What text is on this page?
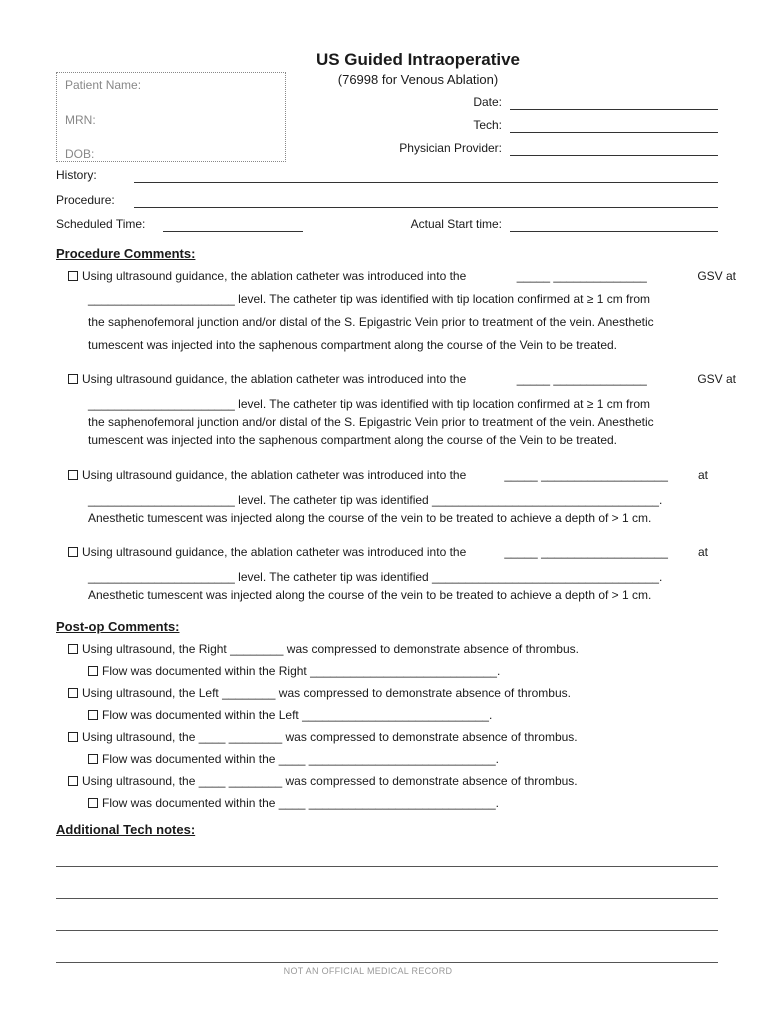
US Guided Intraoperative
(76998 for Venous Ablation)
Patient Name:
MRN:
DOB:
Date:
Tech:
Physician Provider:
History:
Procedure:
Scheduled Time:	Actual Start time:
Procedure Comments:
Using ultrasound guidance, the ablation catheter was introduced into the	_____ ______________	GSV at
______________________ level. The catheter tip was identified with tip location confirmed at ≥ 1 cm from
the saphenofemoral junction and/or distal of the S. Epigastric Vein prior to treatment of the vein. Anesthetic
tumescent was injected into the saphenous compartment along the course of the Vein to be treated.
Using ultrasound guidance, the ablation catheter was introduced into the	_____ ______________	GSV at
______________________ level. The catheter tip was identified with tip location confirmed at ≥ 1 cm from
the saphenofemoral junction and/or distal of the S. Epigastric Vein prior to treatment of the vein. Anesthetic
tumescent was injected into the saphenous compartment along the course of the Vein to be treated.
Using ultrasound guidance, the ablation catheter was introduced into the	_____ ___________________	at
______________________ level. The catheter tip was identified __________________________________.
Anesthetic tumescent was injected along the course of the vein to be treated to achieve a depth of > 1 cm.
Using ultrasound guidance, the ablation catheter was introduced into the	_____ ___________________	at
______________________ level. The catheter tip was identified __________________________________.
Anesthetic tumescent was injected along the course of the vein to be treated to achieve a depth of > 1 cm.
Post-op Comments:
Using ultrasound, the Right ________ was compressed to demonstrate absence of thrombus.
Flow was documented within the Right ____________________________.
Using ultrasound, the Left ________ was compressed to demonstrate absence of thrombus.
Flow was documented within the Left ____________________________.
Using ultrasound, the ____ ________ was compressed to demonstrate absence of thrombus.
Flow was documented within the ____ ____________________________.
Using ultrasound, the ____ ________ was compressed to demonstrate absence of thrombus.
Flow was documented within the ____ ____________________________.
Additional Tech notes:
NOT AN OFFICIAL MEDICAL RECORD
